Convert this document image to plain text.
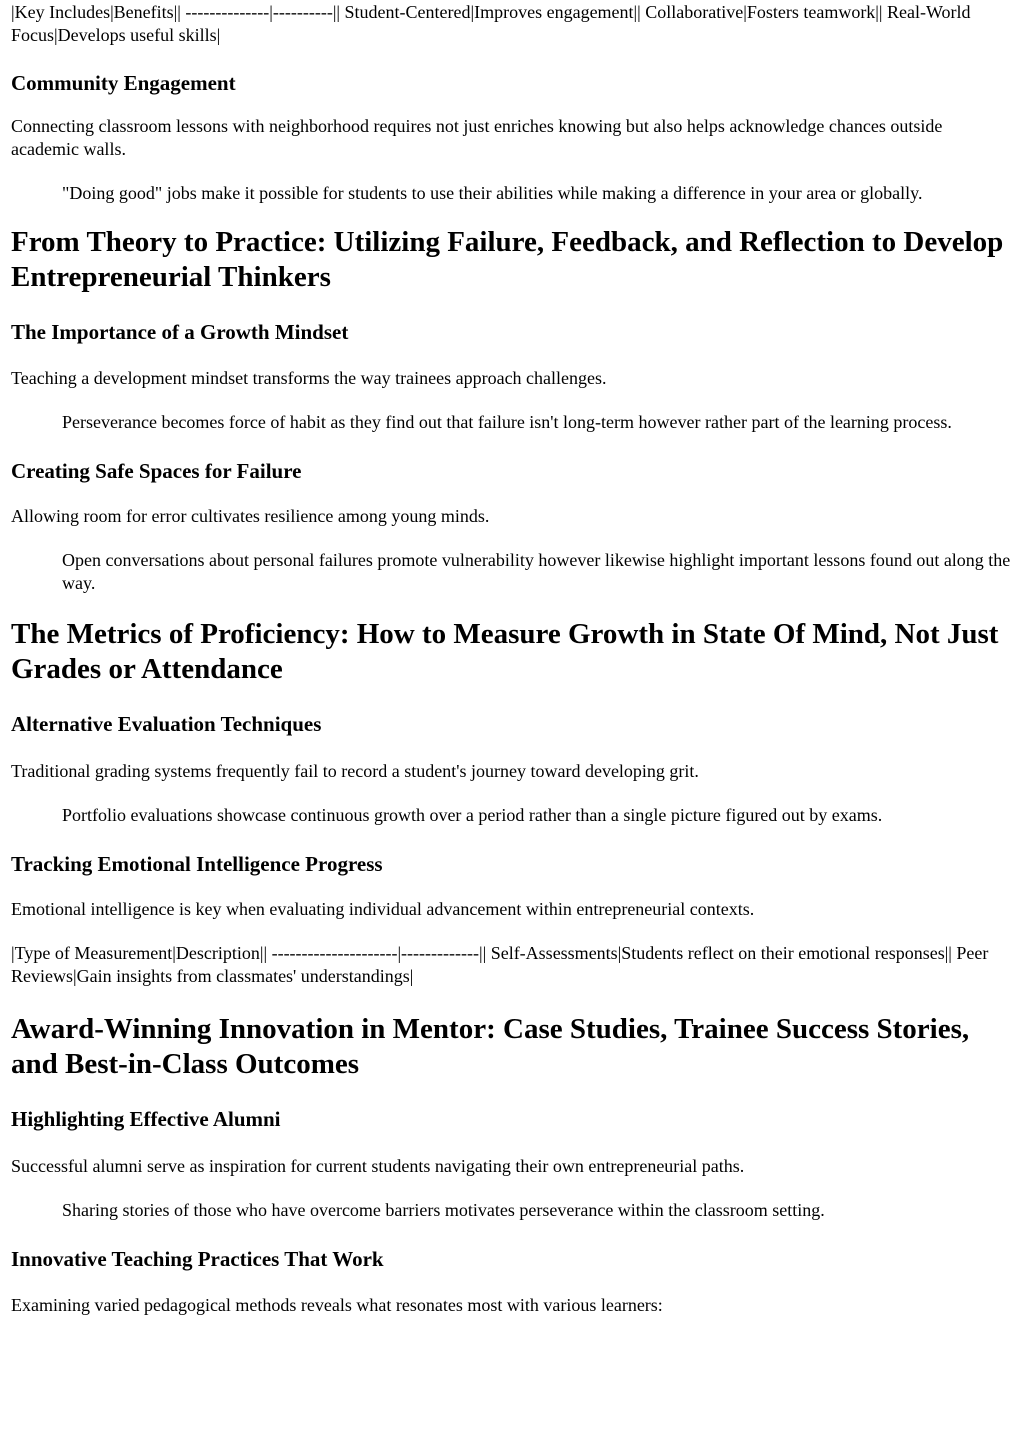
|Key Includes|Benefits|| --------------|----------|| Student-Centered|Improves engagement|| Collaborative|Fosters teamwork|| Real-World Focus|Develops useful skills|

Community Engagement

Connecting classroom lessons with neighborhood requires not just enriches knowing but also helps acknowledge chances outside academic walls.

"Doing good" jobs make it possible for students to use their abilities while making a difference in your area or globally.
From Theory to Practice: Utilizing Failure, Feedback, and Reflection to Develop Entrepreneurial Thinkers
The Importance of a Growth Mindset

Teaching a development mindset transforms the way trainees approach challenges.

Perseverance becomes force of habit as they find out that failure isn't long-term however rather part of the learning process.
Creating Safe Spaces for Failure

Allowing room for error cultivates resilience among young minds.

Open conversations about personal failures promote vulnerability however likewise highlight important lessons found out along the way.
The Metrics of Proficiency: How to Measure Growth in State Of Mind, Not Just Grades or Attendance
Alternative Evaluation Techniques

Traditional grading systems frequently fail to record a student's journey toward developing grit.

Portfolio evaluations showcase continuous growth over a period rather than a single picture figured out by exams.
Tracking Emotional Intelligence Progress

Emotional intelligence is key when evaluating individual advancement within entrepreneurial contexts.

|Type of Measurement|Description|| ---------------------|-------------|| Self-Assessments|Students reflect on their emotional responses|| Peer Reviews|Gain insights from classmates' understandings|

Award-Winning Innovation in Mentor: Case Studies, Trainee Success Stories, and Best-in-Class Outcomes
Highlighting Effective Alumni

Successful alumni serve as inspiration for current students navigating their own entrepreneurial paths.

Sharing stories of those who have overcome barriers motivates perseverance within the classroom setting.
Innovative Teaching Practices That Work

Examining varied pedagogical methods reveals what resonates most with various learners:
